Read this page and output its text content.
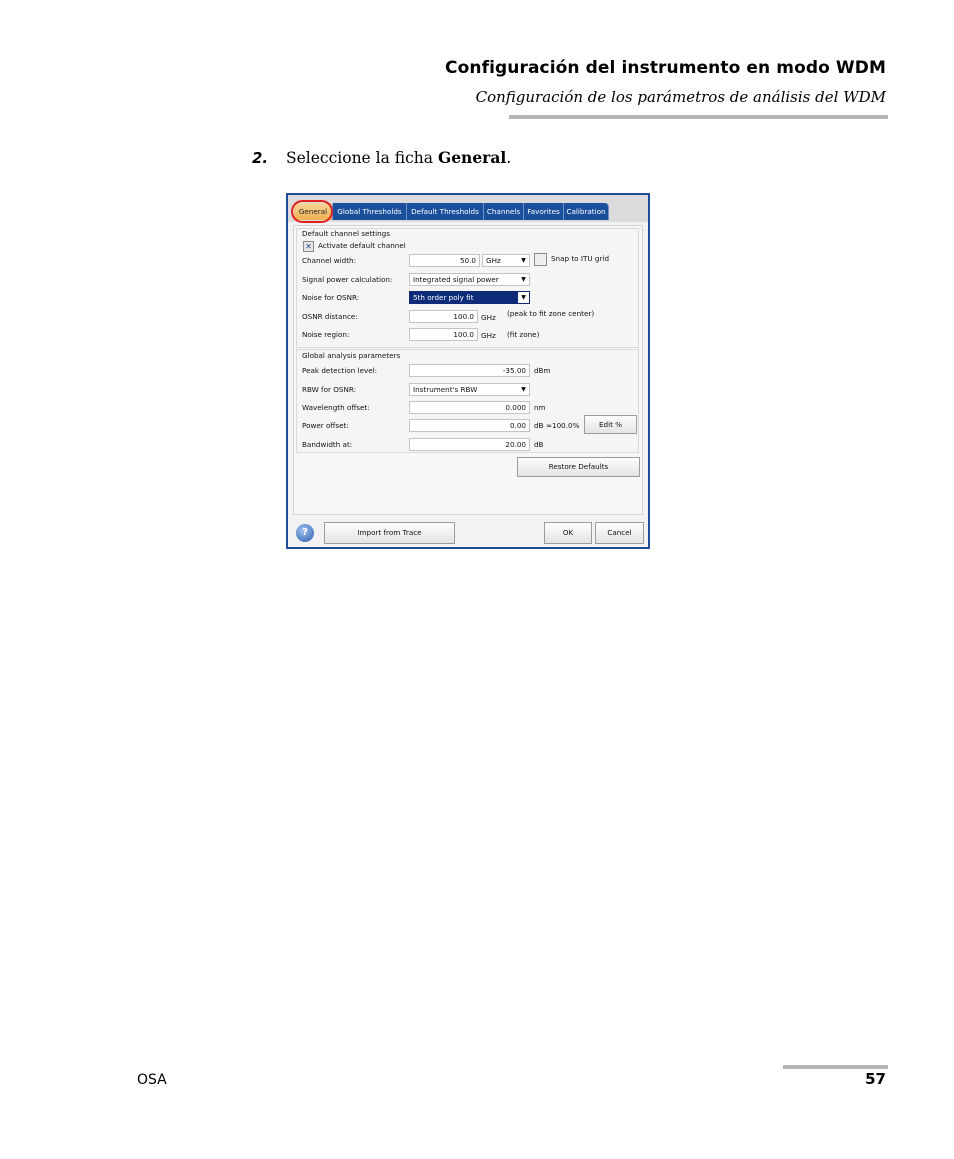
Configuración del instrumento en modo WDM
Configuración de los parámetros de análisis del WDM
2. Seleccione la ficha General.
General	Global Thresholds	Default Thresholds	Channels Favorites Calibration
Default channel settings
✕ Activate default channel
Channel width:	50.0	GHz	▼	Snap to ITU grid
Signal power calculation:	Integrated signal power	▼
Noise for OSNR:	5th order poly fit	▼
OSNR distance:	100.0 GHz (peak to fit zone center)
Noise region:	100.0 GHz (fit zone)
Global analysis parameters
Peak detection level:	-35.00	dBm
RBW for OSNR:	Instrument's RBW	▼
Wavelength offset:	0.000	nm
Power offset:	0.00	dB ≈100.0%	Edit %
Bandwidth at:	20.00	dB
Restore Defaults
?	Import from Trace	OK	Cancel
OSA	57
